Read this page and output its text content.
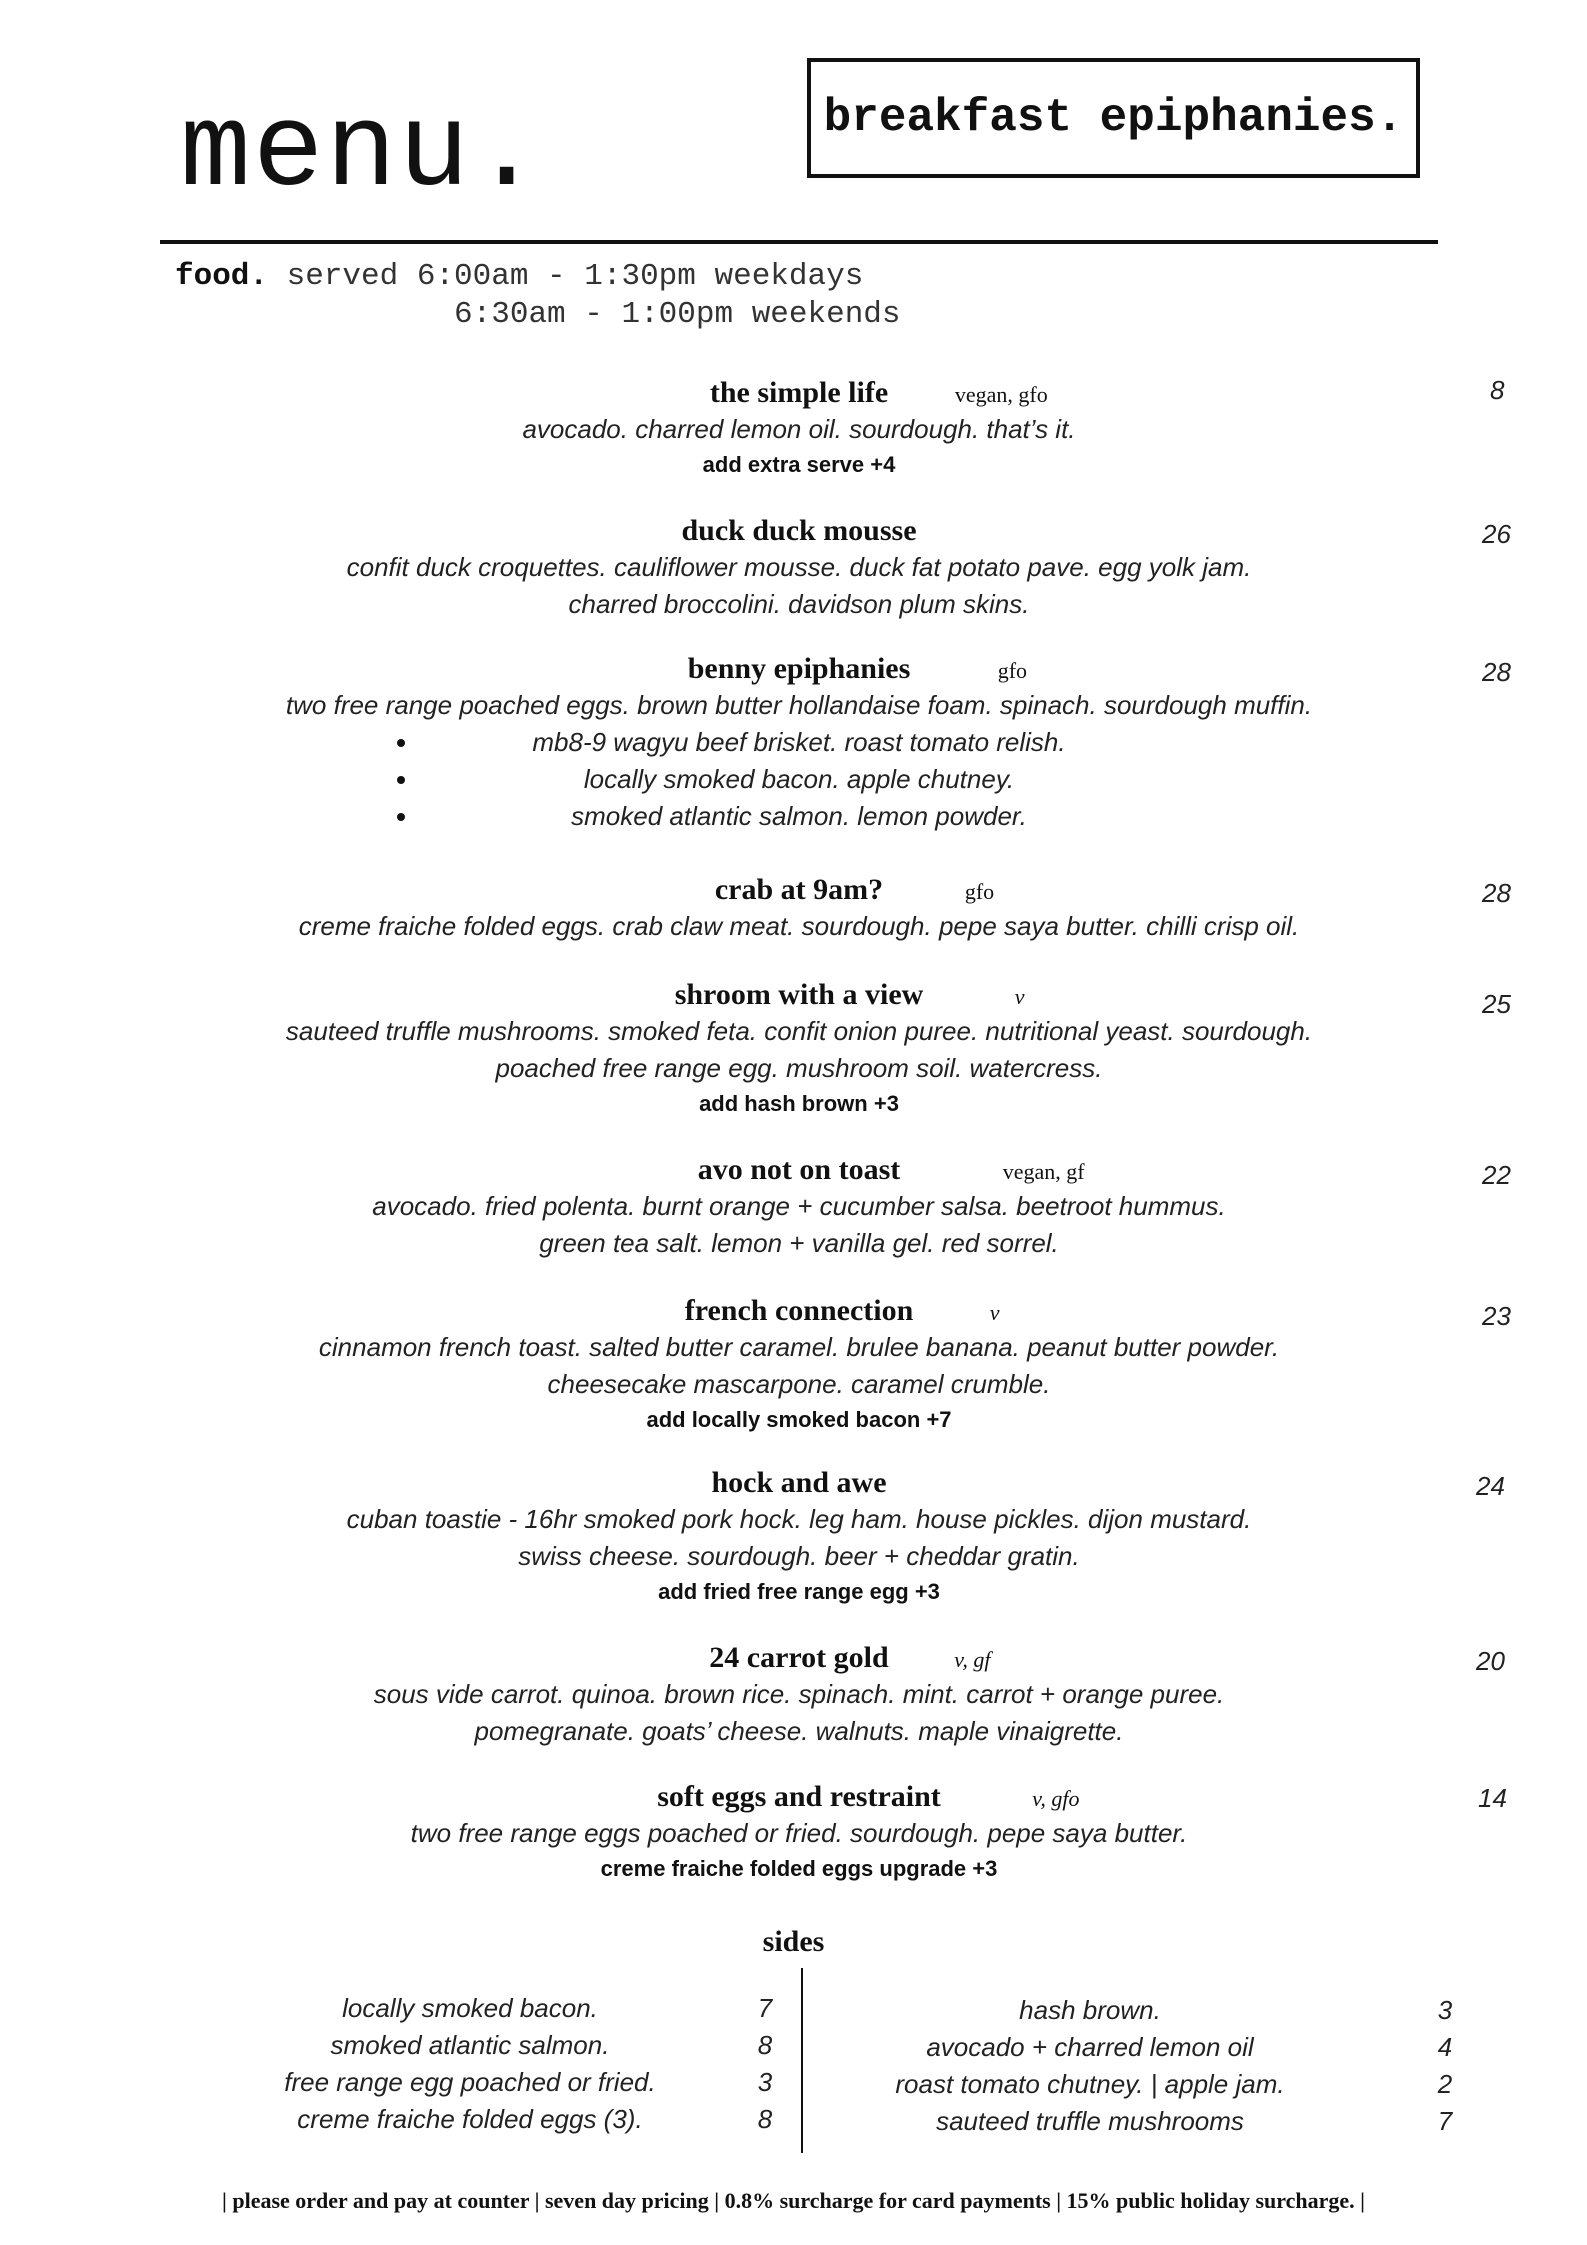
menu.	breakfast epiphanies.
food. served 6:00am - 1:30pm weekdays
6:30am - 1:00pm weekends
the simple life	vegan, gfo
avocado. charred lemon oil. sourdough. that’s it.
add extra serve +4
8
duck duck mousse
confit duck croquettes. cauliflower mousse. duck fat potato pave. egg yolk jam.
charred broccolini. davidson plum skins.
26
benny epiphanies	gfo
two free range poached eggs. brown butter hollandaise foam. spinach. sourdough muffin.
mb8-9 wagyu beef brisket. roast tomato relish.
locally smoked bacon. apple chutney.
smoked atlantic salmon. lemon powder.
28
crab at 9am?	gfo
creme fraiche folded eggs. crab claw meat. sourdough. pepe saya butter. chilli crisp oil.
28
shroom with a view	v
sauteed truffle mushrooms. smoked feta. confit onion puree. nutritional yeast. sourdough.
poached free range egg. mushroom soil. watercress.
add hash brown +3
25
avo not on toast	vegan, gf
avocado. fried polenta. burnt orange + cucumber salsa. beetroot hummus.
green tea salt. lemon + vanilla gel. red sorrel.
22
french connection	v
cinnamon french toast. salted butter caramel. brulee banana. peanut butter powder.
cheesecake mascarpone. caramel crumble.
add locally smoked bacon +7
23
hock and awe
cuban toastie - 16hr smoked pork hock. leg ham. house pickles. dijon mustard.
swiss cheese. sourdough. beer + cheddar gratin.
add fried free range egg +3
24
24 carrot gold	v, gf
sous vide carrot. quinoa. brown rice. spinach. mint. carrot + orange puree.
pomegranate. goats’ cheese. walnuts. maple vinaigrette.
20
soft eggs and restraint	v, gfo
two free range eggs poached or fried. sourdough. pepe saya butter.
creme fraiche folded eggs upgrade +3
14
sides
locally smoked bacon.	7
smoked atlantic salmon.	8
free range egg poached or fried.	3
creme fraiche folded eggs (3).	8
hash brown.	3
avocado + charred lemon oil	4
roast tomato chutney. | apple jam.	2
sauteed truffle mushrooms	7
| please order and pay at counter | seven day pricing | 0.8% surcharge for card payments | 15% public holiday surcharge. |
